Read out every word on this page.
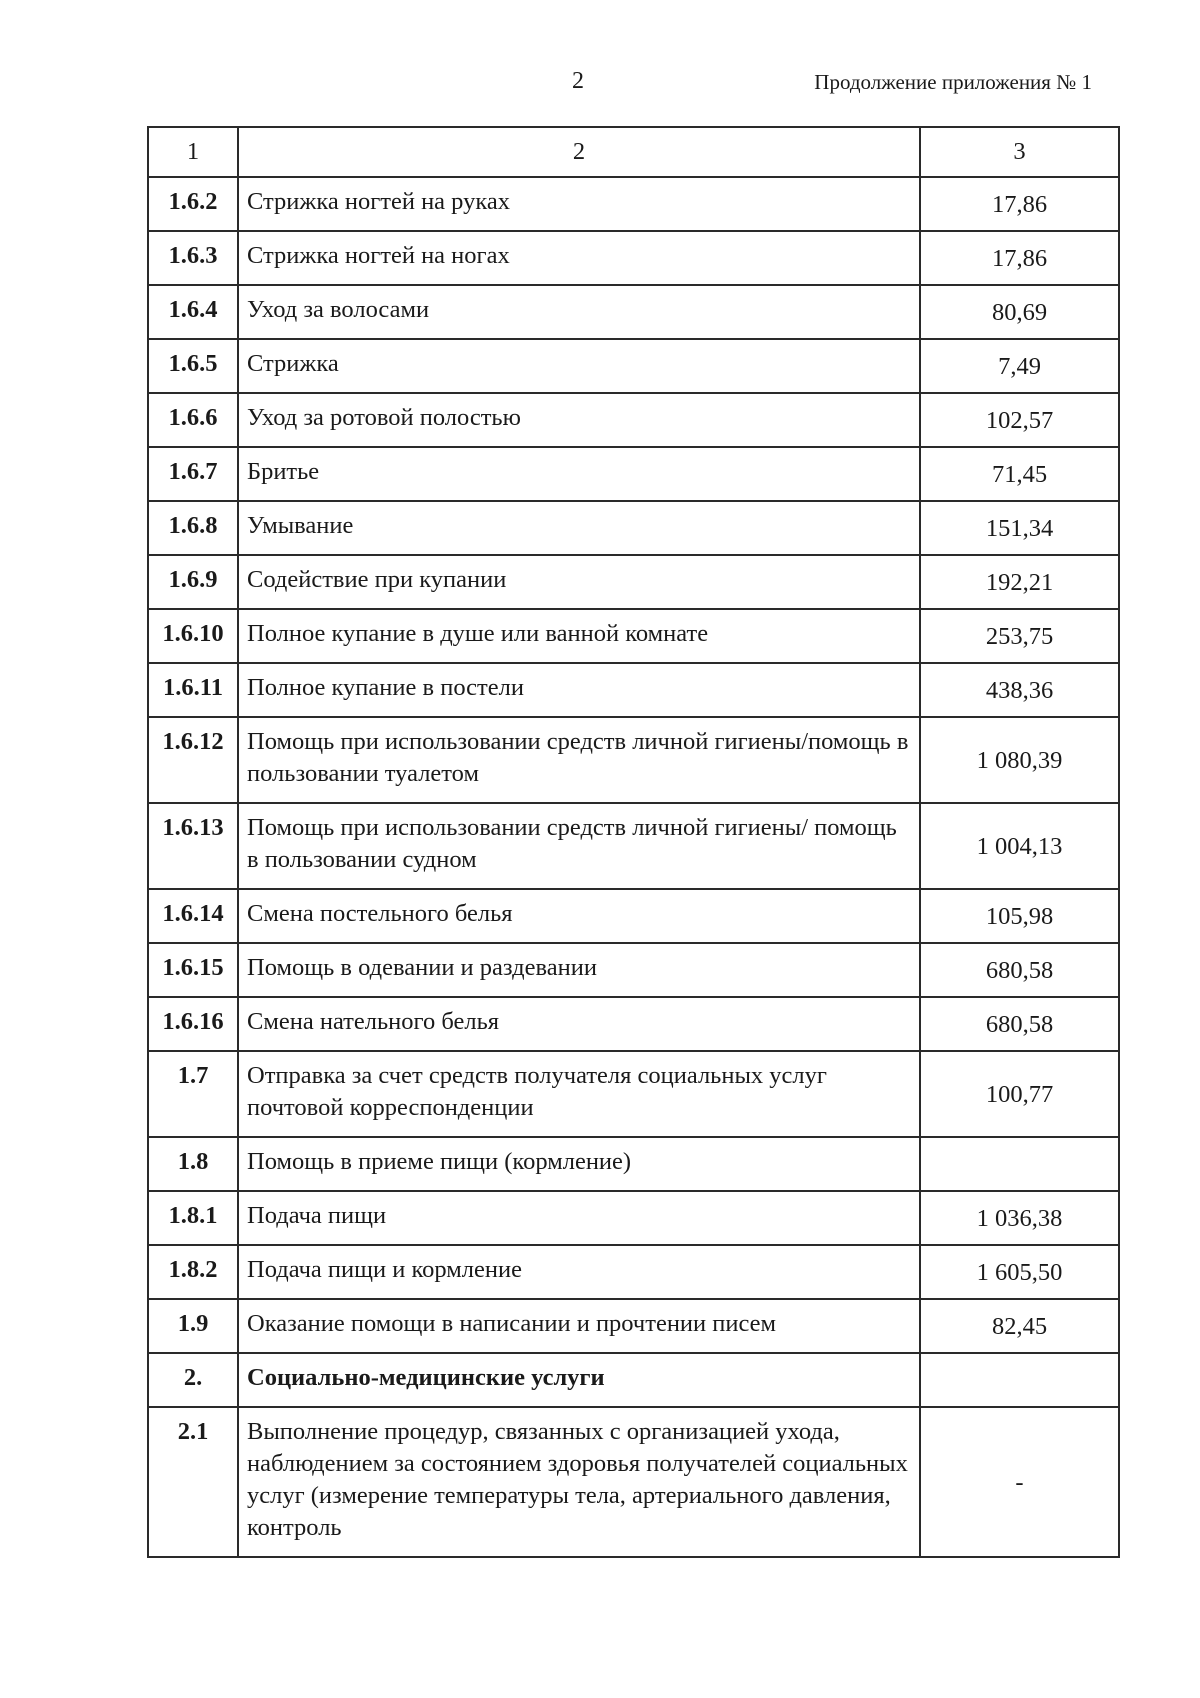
2	Продолжение приложения № 1
1	2	3
1.6.2	Стрижка ногтей на руках	17,86
1.6.3	Стрижка ногтей на ногах	17,86
1.6.4	Уход за волосами	80,69
1.6.5	Стрижка	7,49
1.6.6	Уход за ротовой полостью	102,57
1.6.7	Бритье	71,45
1.6.8	Умывание	151,34
1.6.9	Содействие при купании	192,21
1.6.10	Полное купание в душе или ванной комнате	253,75
1.6.11	Полное купание в постели	438,36
1.6.12	Помощь при использовании средств личной гигиены/помощь в пользовании туалетом	1 080,39
1.6.13	Помощь при использовании средств личной гигиены/ помощь в пользовании судном	1 004,13
1.6.14	Смена постельного белья	105,98
1.6.15	Помощь в одевании и раздевании	680,58
1.6.16	Смена нательного белья	680,58
1.7	Отправка за счет средств получателя социальных услуг почтовой корреспонденции	100,77
1.8	Помощь в приеме пищи (кормление)	
1.8.1	Подача пищи	1 036,38
1.8.2	Подача пищи и кормление	1 605,50
1.9	Оказание помощи в написании и прочтении писем	82,45
2.	Социально-медицинские услуги	
2.1	Выполнение процедур, связанных с организацией ухода, наблюдением за состоянием здоровья получателей социальных услуг (измерение температуры тела, артериального давления, контроль	-
